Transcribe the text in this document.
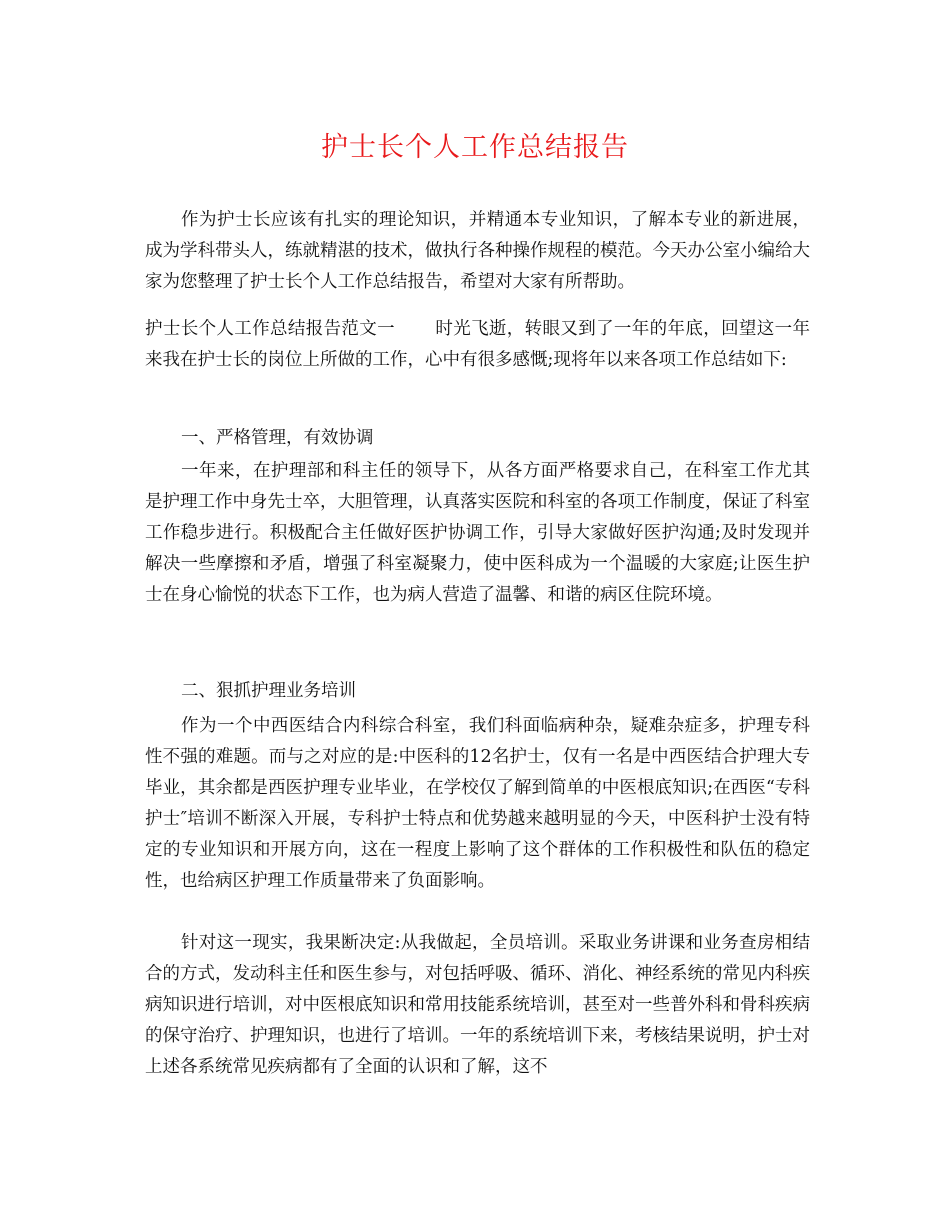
护士长个人工作总结报告

作为护士长应该有扎实的理论知识，并精通本专业知识，了解本专业的新进展，成为学科带头人，练就精湛的技术，做执行各种操作规程的模范。今天办公室小编给大家为您整理了护士长个人工作总结报告，希望对大家有所帮助。

护士长个人工作总结报告范文一 时光飞逝，转眼又到了一年的年底，回望这一年来我在护士长的岗位上所做的工作，心中有很多感慨;现将年以来各项工作总结如下:

一、严格管理，有效协调

一年来，在护理部和科主任的领导下，从各方面严格要求自己，在科室工作尤其是护理工作中身先士卒，大胆管理，认真落实医院和科室的各项工作制度，保证了科室工作稳步进行。积极配合主任做好医护协调工作，引导大家做好医护沟通;及时发现并解决一些摩擦和矛盾，增强了科室凝聚力，使中医科成为一个温暖的大家庭;让医生护士在身心愉悦的状态下工作，也为病人营造了温馨、和谐的病区住院环境。

二、狠抓护理业务培训

作为一个中西医结合内科综合科室，我们科面临病种杂，疑难杂症多，护理专科性不强的难题。而与之对应的是:中医科的12名护士，仅有一名是中西医结合护理大专毕业，其余都是西医护理专业毕业，在学校仅了解到简单的中医根底知识;在西医“专科护士″培训不断深入开展，专科护士特点和优势越来越明显的今天，中医科护士没有特定的专业知识和开展方向，这在一程度上影响了这个群体的工作积极性和队伍的稳定性，也给病区护理工作质量带来了负面影响。

针对这一现实，我果断决定:从我做起，全员培训。采取业务讲课和业务查房相结合的方式，发动科主任和医生参与，对包括呼吸、循环、消化、神经系统的常见内科疾病知识进行培训，对中医根底知识和常用技能系统培训，甚至对一些普外科和骨科疾病的保守治疗、护理知识，也进行了培训。一年的系统培训下来，考核结果说明，护士对上述各系统常见疾病都有了全面的认识和了解，这不
